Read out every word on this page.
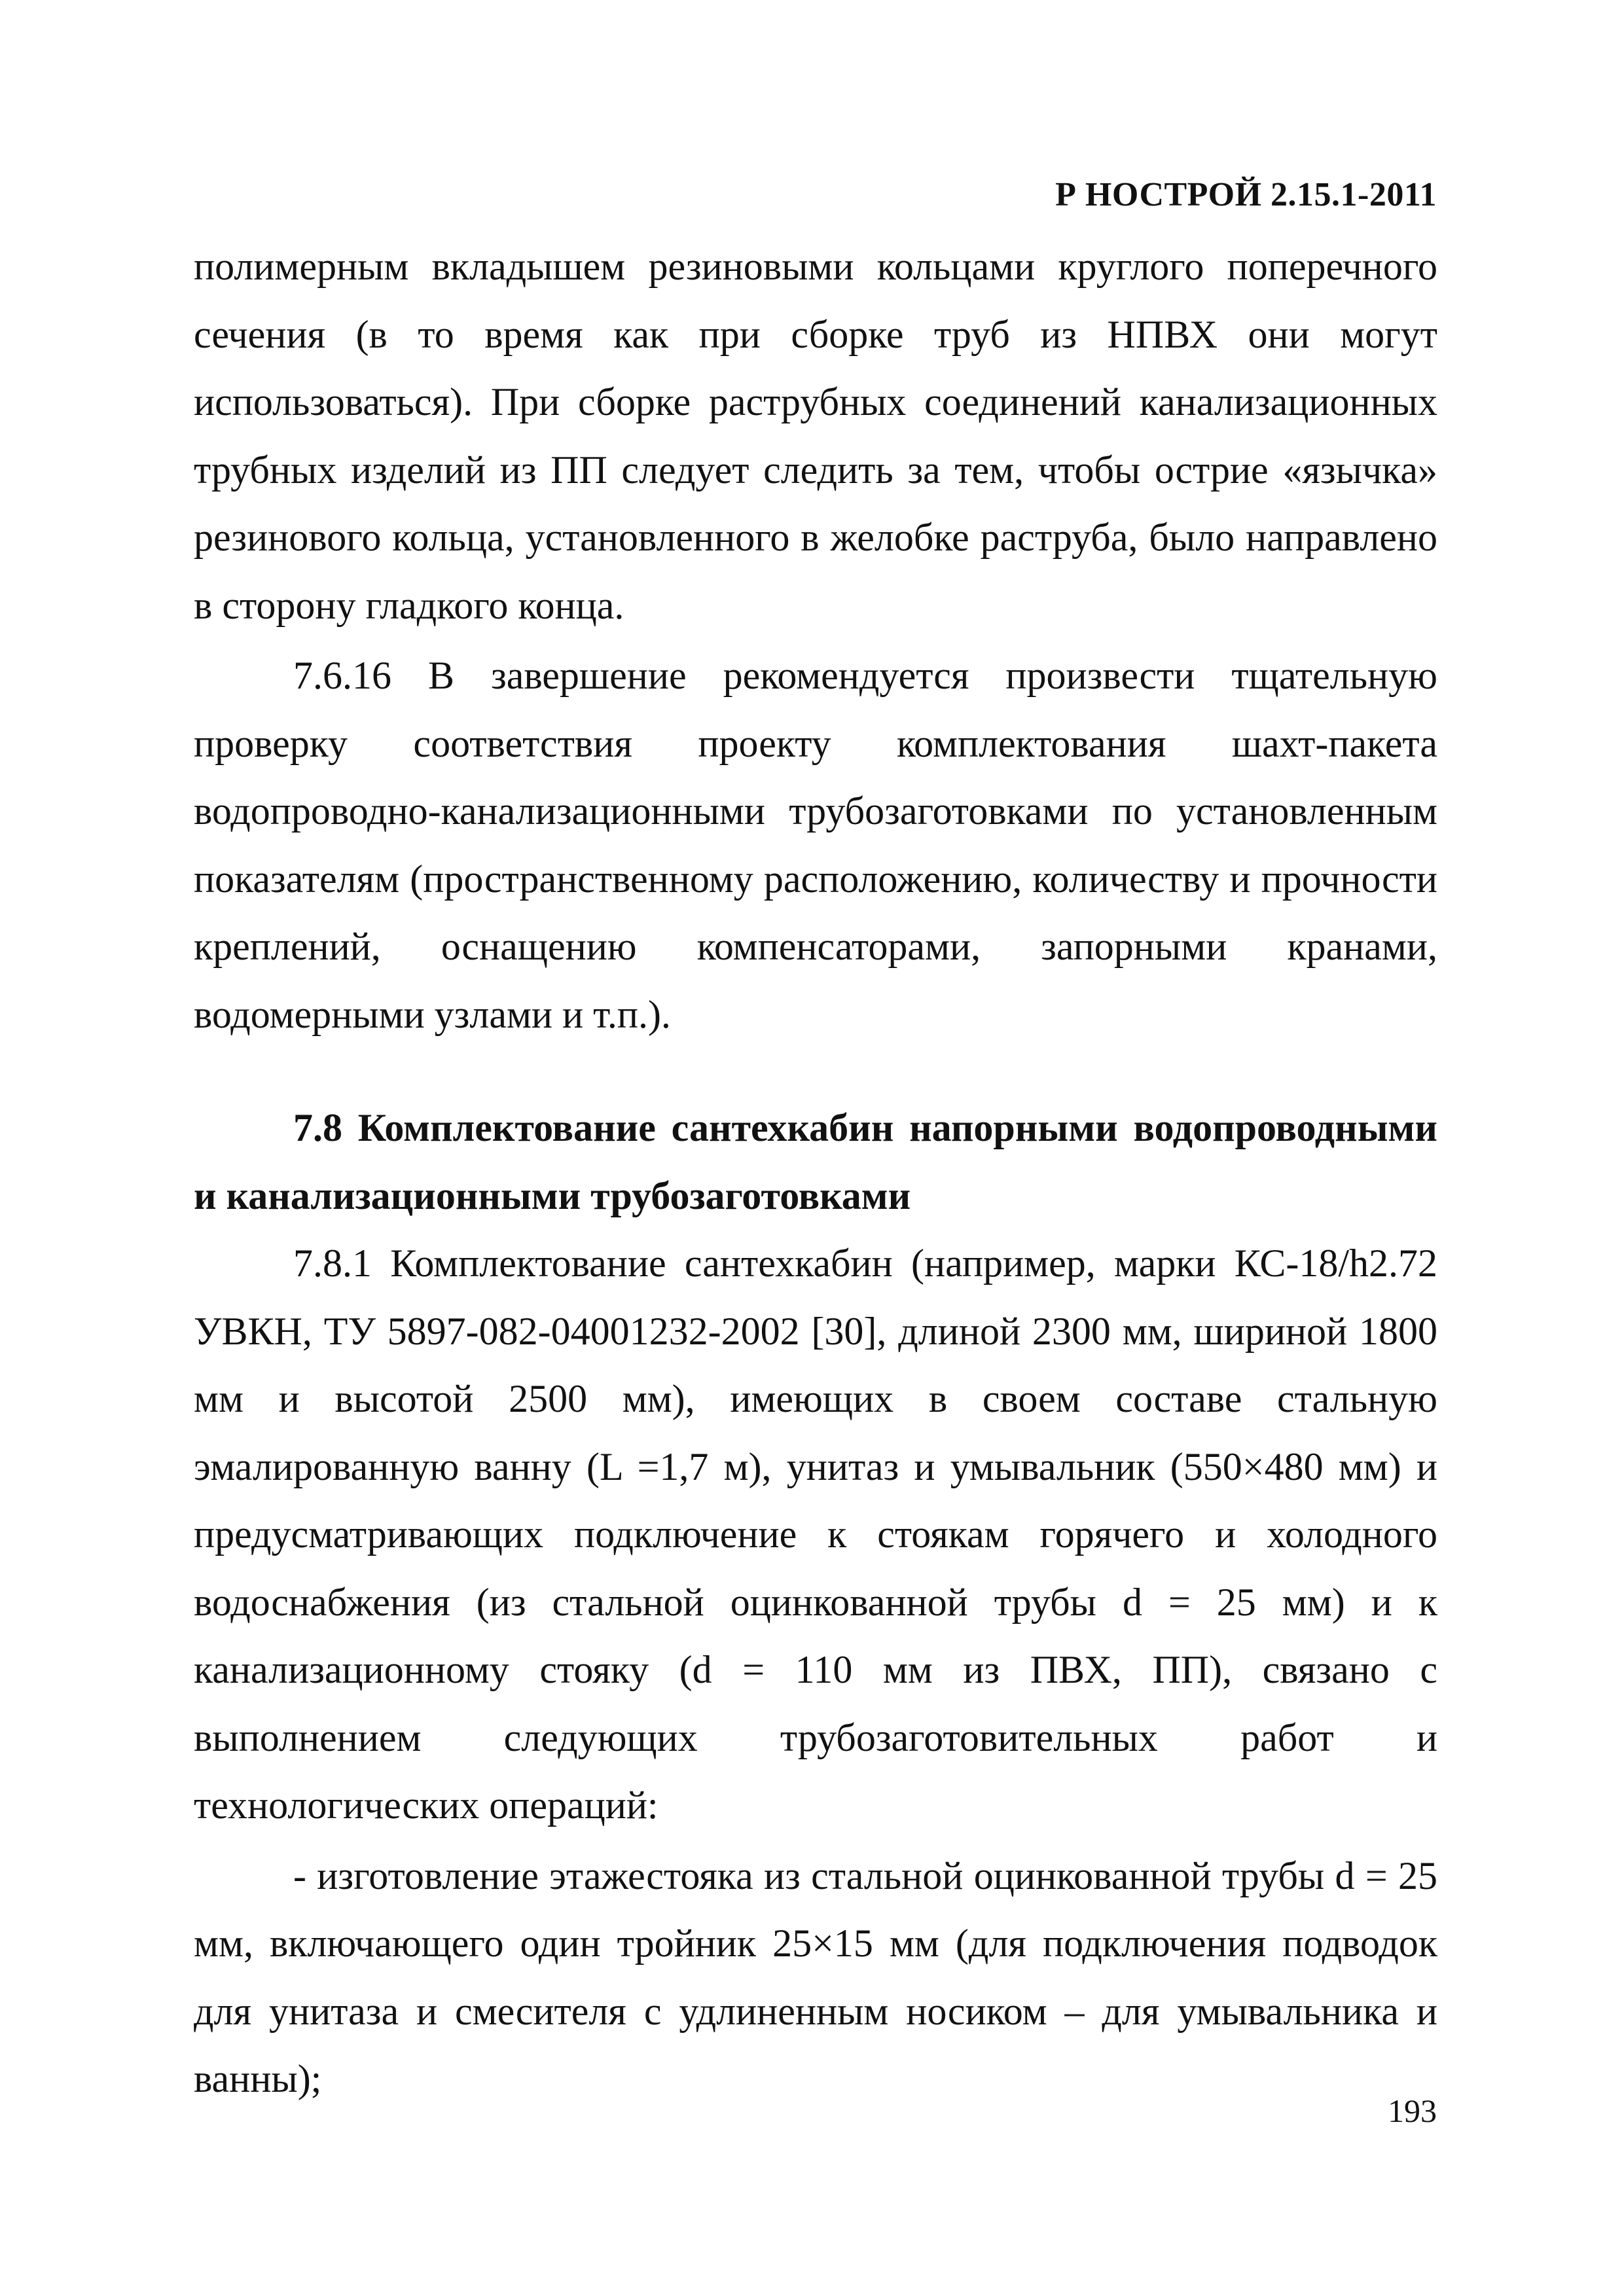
Р НОСТРОЙ 2.15.1-2011

полимерным вкладышем резиновыми кольцами круглого поперечного сечения (в то время как при сборке труб из НПВХ они могут использоваться). При сборке раструбных соединений канализационных трубных изделий из ПП следует следить за тем, чтобы острие «язычка» резинового кольца, установленного в желобке раструба, было направлено в сторону гладкого конца.

7.6.16 В завершение рекомендуется произвести тщательную проверку соответствия проекту комплектования шахт-пакета водопроводно-канализационными трубозаготовками по установленным показателям (пространственному расположению, количеству и прочности креплений, оснащению компенсаторами, запорными кранами, водомерными узлами и т.п.).

7.8 Комплектование сантехкабин напорными водопроводными и канализационными трубозаготовками

7.8.1 Комплектование сантехкабин (например, марки КС-18/h2.72 УВКН, ТУ 5897-082-04001232-2002 [30], длиной 2300 мм, шириной 1800 мм и высотой 2500 мм), имеющих в своем составе стальную эмалированную ванну (L =1,7 м), унитаз и умывальник (550×480 мм) и предусматривающих подключение к стоякам горячего и холодного водоснабжения (из стальной оцинкованной трубы d = 25 мм) и к канализационному стояку (d = 110 мм из ПВХ, ПП), связано с выполнением следующих трубозаготовительных работ и технологических операций:

- изготовление этажестояка из стальной оцинкованной трубы d = 25 мм, включающего один тройник 25×15 мм (для подключения подводок для унитаза и смесителя с удлиненным носиком – для умывальника и ванны);

193
